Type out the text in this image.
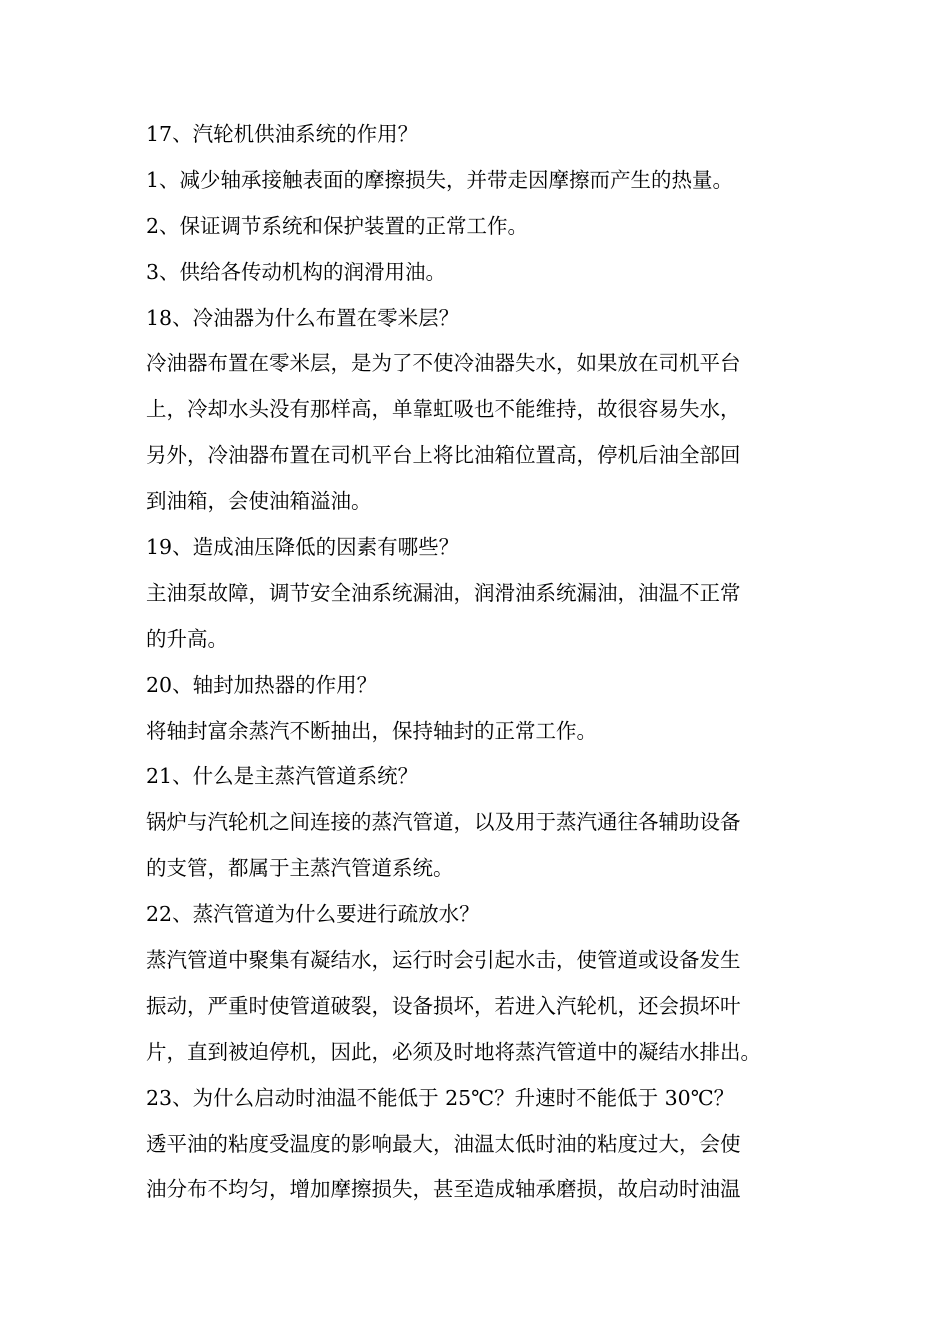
17、汽轮机供油系统的作用？
1、减少轴承接触表面的摩擦损失，并带走因摩擦而产生的热量。
2、保证调节系统和保护装置的正常工作。
3、供给各传动机构的润滑用油。
18、冷油器为什么布置在零米层？
冷油器布置在零米层，是为了不使冷油器失水，如果放在司机平台
上，冷却水头没有那样高，单靠虹吸也不能维持，故很容易失水，
另外，冷油器布置在司机平台上将比油箱位置高，停机后油全部回
到油箱，会使油箱溢油。
19、造成油压降低的因素有哪些？
主油泵故障，调节安全油系统漏油，润滑油系统漏油，油温不正常
的升高。
20、轴封加热器的作用？
将轴封富余蒸汽不断抽出，保持轴封的正常工作。
21、什么是主蒸汽管道系统？
锅炉与汽轮机之间连接的蒸汽管道，以及用于蒸汽通往各辅助设备
的支管，都属于主蒸汽管道系统。
22、蒸汽管道为什么要进行疏放水？
蒸汽管道中聚集有凝结水，运行时会引起水击，使管道或设备发生
振动，严重时使管道破裂，设备损坏，若进入汽轮机，还会损坏叶
片，直到被迫停机，因此，必须及时地将蒸汽管道中的凝结水排出。
23、为什么启动时油温不能低于 25℃？升速时不能低于 30℃？
透平油的粘度受温度的影响最大，油温太低时油的粘度过大，会使
油分布不均匀，增加摩擦损失，甚至造成轴承磨损，故启动时油温
